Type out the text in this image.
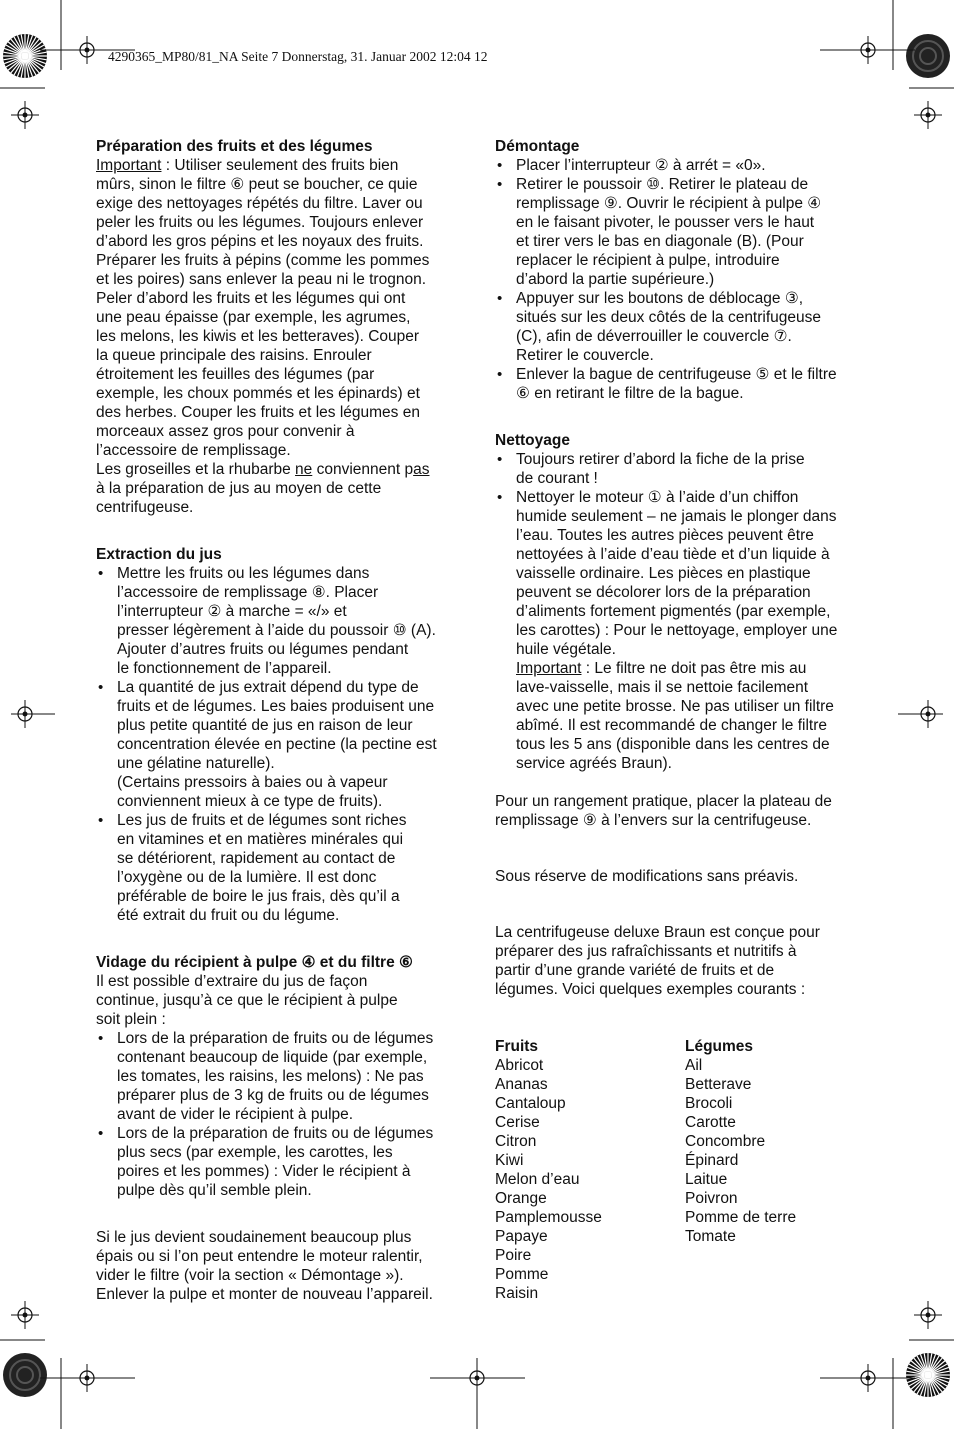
4290365_MP80/81_NA Seite 7 Donnerstag, 31. Januar 2002 12:04 12
Préparation des fruits et des légumes
Important : Utiliser seulement des fruits bien
mûrs, sinon le filtre ⑥ peut se boucher, ce quie
exige des nettoyages répétés du filtre. Laver ou
peler les fruits ou les légumes. Toujours enlever
d’abord les gros pépins et les noyaux des fruits.
Préparer les fruits à pépins (comme les pommes
et les poires) sans enlever la peau ni le trognon.
Peler d’abord les fruits et les légumes qui ont
une peau épaisse (par exemple, les agrumes,
les melons, les kiwis et les betteraves). Couper
la queue principale des raisins. Enrouler
étroitement les feuilles des légumes (par
exemple, les choux pommés et les épinards) et
des herbes. Couper les fruits et les légumes en
morceaux assez gros pour convenir à
l’accessoire de remplissage.
Les groseilles et la rhubarbe ne conviennent pas
à la préparation de jus au moyen de cette
centrifugeuse.
Extraction du jus
• Mettre les fruits ou les légumes dans
l’accessoire de remplissage ⑧. Placer
l’interrupteur ② à marche = «/» et
presser légèrement à l’aide du poussoir ⑩ (A).
Ajouter d’autres fruits ou légumes pendant
le fonctionnement de l’appareil.
• La quantité de jus extrait dépend du type de
fruits et de légumes. Les baies produisent une
plus petite quantité de jus en raison de leur
concentration élevée en pectine (la pectine est
une gélatine naturelle).
(Certains pressoirs à baies ou à vapeur
conviennent mieux à ce type de fruits).
• Les jus de fruits et de légumes sont riches
en vitamines et en matières minérales qui
se détériorent, rapidement au contact de
l’oxygène ou de la lumière. Il est donc
préférable de boire le jus frais, dès qu’il a
été extrait du fruit ou du légume.
Vidage du récipient à pulpe ④ et du filtre ⑥
Il est possible d’extraire du jus de façon
continue, jusqu’à ce que le récipient à pulpe
soit plein :
• Lors de la préparation de fruits ou de légumes
contenant beaucoup de liquide (par exemple,
les tomates, les raisins, les melons) : Ne pas
préparer plus de 3 kg de fruits ou de légumes
avant de vider le récipient à pulpe.
• Lors de la préparation de fruits ou de légumes
plus secs (par exemple, les carottes, les
poires et les pommes) : Vider le récipient à
pulpe dès qu’il semble plein.
Si le jus devient soudainement beaucoup plus
épais ou si l’on peut entendre le moteur ralentir,
vider le filtre (voir la section « Démontage »).
Enlever la pulpe et monter de nouveau l’appareil.
Démontage
• Placer l’interrupteur ② à arrét = «0».
• Retirer le poussoir ⑩. Retirer le plateau de
remplissage ⑨. Ouvrir le récipient à pulpe ④
en le faisant pivoter, le pousser vers le haut
et tirer vers le bas en diagonale (B). (Pour
replacer le récipient à pulpe, introduire
d’abord la partie supérieure.)
• Appuyer sur les boutons de déblocage ③,
situés sur les deux côtés de la centrifugeuse
(C), afin de déverrouiller le couvercle ⑦.
Retirer le couvercle.
• Enlever la bague de centrifugeuse ⑤ et le filtre
⑥ en retirant le filtre de la bague.
Nettoyage
• Toujours retirer d’abord la fiche de la prise
de courant !
• Nettoyer le moteur ① à l’aide d’un chiffon
humide seulement – ne jamais le plonger dans
l’eau. Toutes les autres pièces peuvent être
nettoyées à l’aide d’eau tiède et d’un liquide à
vaisselle ordinaire. Les pièces en plastique
peuvent se décolorer lors de la préparation
d’aliments fortement pigmentés (par exemple,
les carottes) : Pour le nettoyage, employer une
huile végétale.
Important : Le filtre ne doit pas être mis au
lave-vaisselle, mais il se nettoie facilement
avec une petite brosse. Ne pas utiliser un filtre
abîmé. Il est recommandé de changer le filtre
tous les 5 ans (disponible dans les centres de
service agréés Braun).
Pour un rangement pratique, placer la plateau de
remplissage ⑨ à l’envers sur la centrifugeuse.
Sous réserve de modifications sans préavis.
La centrifugeuse deluxe Braun est conçue pour
préparer des jus rafraîchissants et nutritifs à
partir d’une grande variété de fruits et de
légumes. Voici quelques exemples courants :
Fruits
Abricot
Ananas
Cantaloup
Cerise
Citron
Kiwi
Melon d’eau
Orange
Pamplemousse
Papaye
Poire
Pomme
Raisin
Légumes
Ail
Betterave
Brocoli
Carotte
Concombre
Épinard
Laitue
Poivron
Pomme de terre
Tomate
